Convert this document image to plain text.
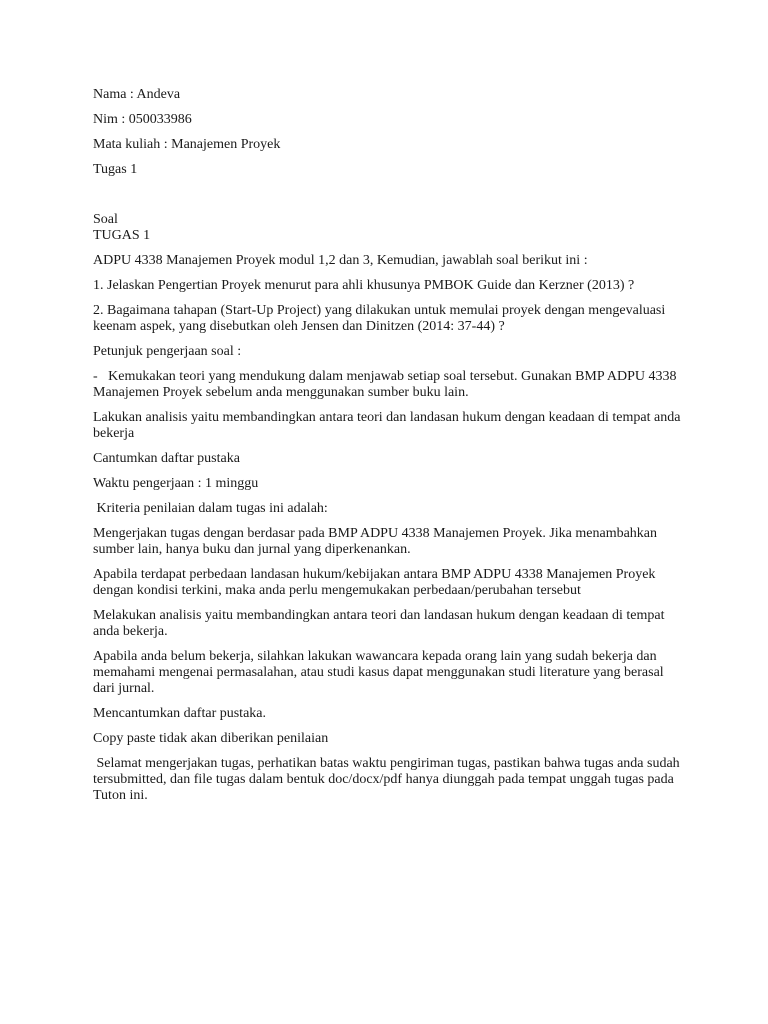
Nama : Andeva

Nim : 050033986

Mata kuliah : Manajemen Proyek

Tugas 1

Soal

TUGAS 1

ADPU 4338 Manajemen Proyek modul 1,2 dan 3, Kemudian, jawablah soal berikut ini :

1. Jelaskan Pengertian Proyek menurut para ahli khusunya PMBOK Guide dan Kerzner (2013) ?

2. Bagaimana tahapan (Start-Up Project) yang dilakukan untuk memulai proyek dengan mengevaluasi keenam aspek, yang disebutkan oleh Jensen dan Dinitzen (2014: 37-44) ?

Petunjuk pengerjaan soal :

-   Kemukakan teori yang mendukung dalam menjawab setiap soal tersebut. Gunakan BMP ADPU 4338 Manajemen Proyek sebelum anda menggunakan sumber buku lain.

Lakukan analisis yaitu membandingkan antara teori dan landasan hukum dengan keadaan di tempat anda bekerja

Cantumkan daftar pustaka

Waktu pengerjaan : 1 minggu

Kriteria penilaian dalam tugas ini adalah:

Mengerjakan tugas dengan berdasar pada BMP ADPU 4338 Manajemen Proyek. Jika menambahkan sumber lain, hanya buku dan jurnal yang diperkenankan.

Apabila terdapat perbedaan landasan hukum/kebijakan antara BMP ADPU 4338 Manajemen Proyek dengan kondisi terkini, maka anda perlu mengemukakan perbedaan/perubahan tersebut

Melakukan analisis yaitu membandingkan antara teori dan landasan hukum dengan keadaan di tempat anda bekerja.

Apabila anda belum bekerja, silahkan lakukan wawancara kepada orang lain yang sudah bekerja dan memahami mengenai permasalahan, atau studi kasus dapat menggunakan studi literature yang berasal dari jurnal.

Mencantumkan daftar pustaka.

Copy paste tidak akan diberikan penilaian

Selamat mengerjakan tugas, perhatikan batas waktu pengiriman tugas, pastikan bahwa tugas anda sudah tersubmitted, dan file tugas dalam bentuk doc/docx/pdf hanya diunggah pada tempat unggah tugas pada Tuton ini.
